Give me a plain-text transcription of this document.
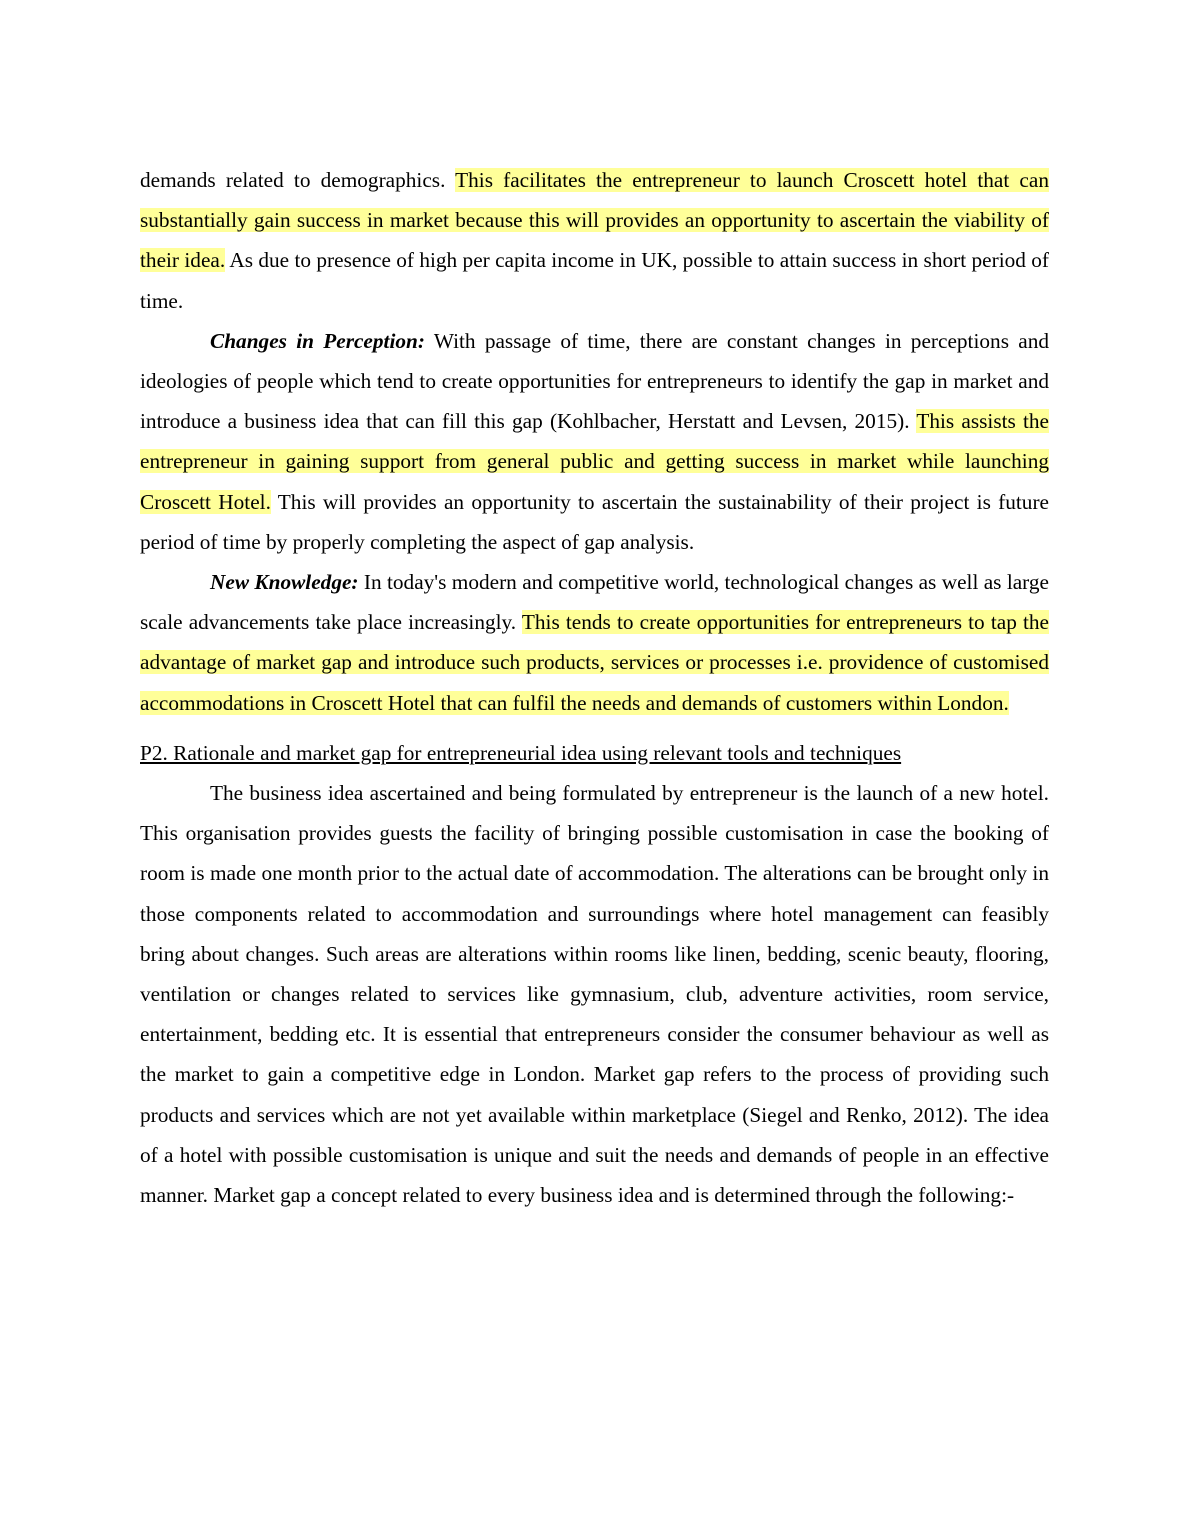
demands related to demographics. This facilitates the entrepreneur to launch Croscett hotel that can substantially gain success in market because this will provides an opportunity to ascertain the viability of their idea. As due to presence of high per capita income in UK, possible to attain success in short period of time.

Changes in Perception: With passage of time, there are constant changes in perceptions and ideologies of people which tend to create opportunities for entrepreneurs to identify the gap in market and introduce a business idea that can fill this gap (Kohlbacher, Herstatt and Levsen, 2015). This assists the entrepreneur in gaining support from general public and getting success in market while launching Croscett Hotel. This will provides an opportunity to ascertain the sustainability of their project is future period of time by properly completing the aspect of gap analysis.

New Knowledge: In today's modern and competitive world, technological changes as well as large scale advancements take place increasingly. This tends to create opportunities for entrepreneurs to tap the advantage of market gap and introduce such products, services or processes i.e. providence of customised accommodations in Croscett Hotel that can fulfil the needs and demands of customers within London.

P2. Rationale and market gap for entrepreneurial idea using relevant tools and techniques

The business idea ascertained and being formulated by entrepreneur is the launch of a new hotel. This organisation provides guests the facility of bringing possible customisation in case the booking of room is made one month prior to the actual date of accommodation. The alterations can be brought only in those components related to accommodation and surroundings where hotel management can feasibly bring about changes. Such areas are alterations within rooms like linen, bedding, scenic beauty, flooring, ventilation or changes related to services like gymnasium, club, adventure activities, room service, entertainment, bedding etc. It is essential that entrepreneurs consider the consumer behaviour as well as the market to gain a competitive edge in London. Market gap refers to the process of providing such products and services which are not yet available within marketplace (Siegel and Renko, 2012). The idea of a hotel with possible customisation is unique and suit the needs and demands of people in an effective manner. Market gap a concept related to every business idea and is determined through the following:-
